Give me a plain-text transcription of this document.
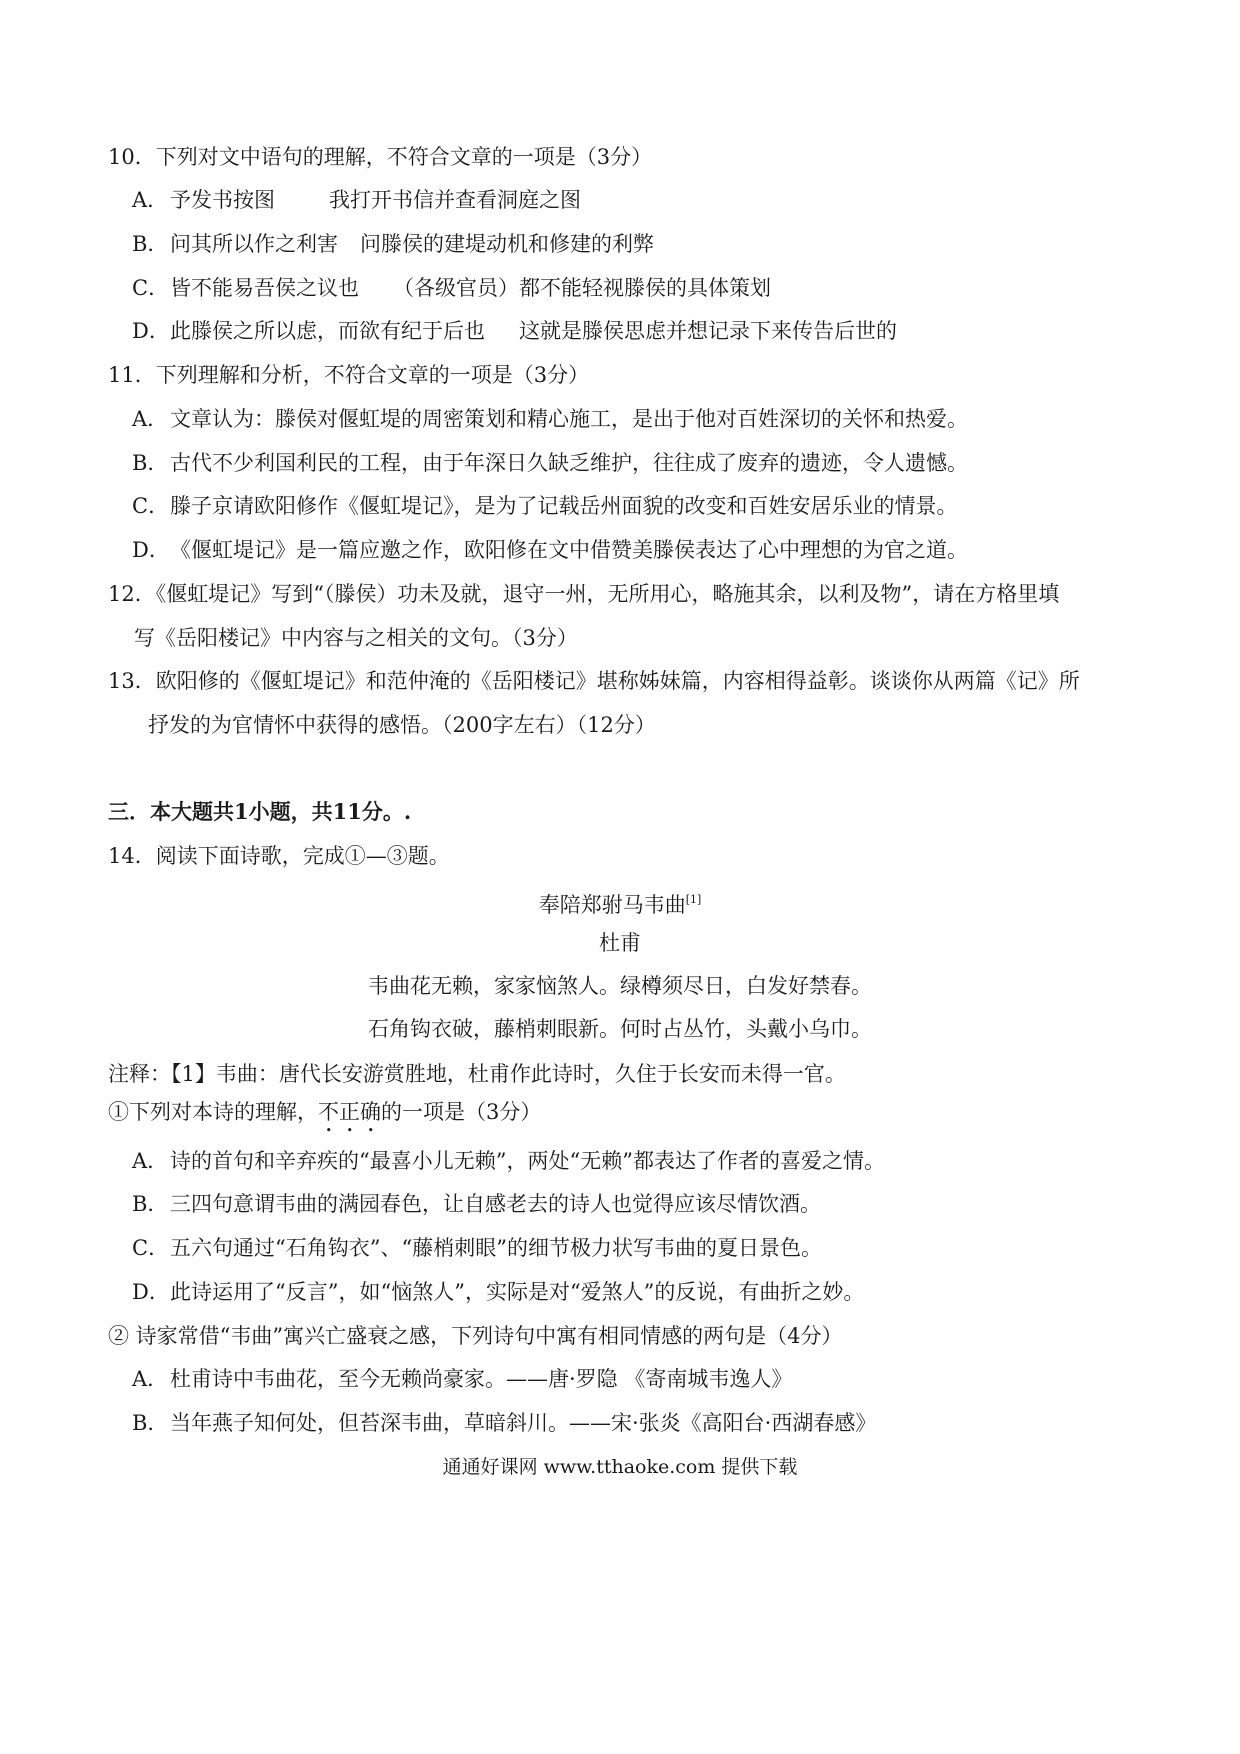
10．下列对文中语句的理解，不符合文章的一项是（3分）
A．予发书按图	我打开书信并查看洞庭之图
B．问其所以作之利害 问滕侯的建堤动机和修建的利弊
C．皆不能易吾侯之议也 （各级官员）都不能轻视滕侯的具体策划
D．此滕侯之所以虑，而欲有纪于后也 这就是滕侯思虑并想记录下来传告后世的
11．下列理解和分析，不符合文章的一项是（3分）
A．文章认为：滕侯对偃虹堤的周密策划和精心施工，是出于他对百姓深切的关怀和热爱。
B．古代不少利国利民的工程，由于年深日久缺乏维护，往往成了废弃的遗迹，令人遗憾。
C．滕子京请欧阳修作《偃虹堤记》，是为了记载岳州面貌的改变和百姓安居乐业的情景。
D．《偃虹堤记》是一篇应邀之作，欧阳修在文中借赞美滕侯表达了心中理想的为官之道。
12．《偃虹堤记》写到“（滕侯）功未及就，退守一州，无所用心，略施其余，以利及物”，请在方格里填
写《岳阳楼记》中内容与之相关的文句。（3分）
13．欧阳修的《偃虹堤记》和范仲淹的《岳阳楼记》堪称姊妹篇，内容相得益彰。谈谈你从两篇《记》所
抒发的为官情怀中获得的感悟。（200字左右）（12分）
三．本大题共1小题，共11分。.
14．阅读下面诗歌，完成①—③题。
奉陪郑驸马韦曲[1]
杜甫
韦曲花无赖，家家恼煞人。绿樽须尽日，白发好禁春。
石角钩衣破，藤梢刺眼新。何时占丛竹，头戴小乌巾。
注释：【1】韦曲：唐代长安游赏胜地，杜甫作此诗时，久住于长安而未得一官。
①下列对本诗的理解，不正确的一项是（3分）
A．诗的首句和辛弃疾的“最喜小儿无赖”，两处“无赖”都表达了作者的喜爱之情。
B．三四句意谓韦曲的满园春色，让自感老去的诗人也觉得应该尽情饮酒。
C．五六句通过“石角钩衣”、“藤梢刺眼”的细节极力状写韦曲的夏日景色。
D．此诗运用了“反言”，如“恼煞人”，实际是对“爱煞人”的反说，有曲折之妙。
② 诗家常借“韦曲”寓兴亡盛衰之感，下列诗句中寓有相同情感的两句是（4分）
A．杜甫诗中韦曲花，至今无赖尚豪家。——唐·罗隐 《寄南城韦逸人》
B．当年燕子知何处，但苔深韦曲，草暗斜川。——宋·张炎《高阳台·西湖春感》
通通好课网 www.tthaoke.com 提供下载
